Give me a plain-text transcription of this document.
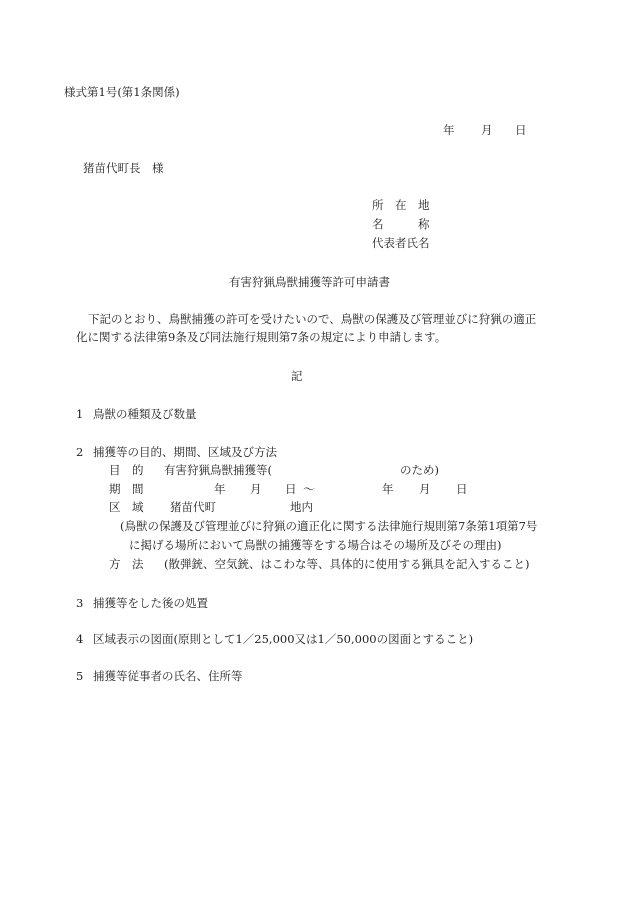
様式第1号(第1条関係)
年 月 日
猪苗代町長　様
所　在　地
名　　　称
代表者氏名
有害狩猟鳥獣捕獲等許可申請書
下記のとおり、鳥獣捕獲の許可を受けたいので、鳥獣の保護及び管理並びに狩猟の適正
化に関する法律第9条及び同法施行規則第7条の規定により申請します。
記
1 鳥獣の種類及び数量
2 捕獲等の目的、期間、区域及び方法
目　的 有害狩猟鳥獣捕獲等(	のため)
期　間	年 月 日 ～	年 月 日
区　域 猪苗代町	地内
(鳥獣の保護及び管理並びに狩猟の適正化に関する法律施行規則第7条第1項第7号
に掲げる場所において鳥獣の捕獲等をする場合はその場所及びその理由)
方　法 (散弾銃、空気銃、はこわな等、具体的に使用する猟具を記入すること)
3 捕獲等をした後の処置
4 区域表示の図面(原則として1／25,000又は1／50,000の図面とすること)
5 捕獲等従事者の氏名、住所等
